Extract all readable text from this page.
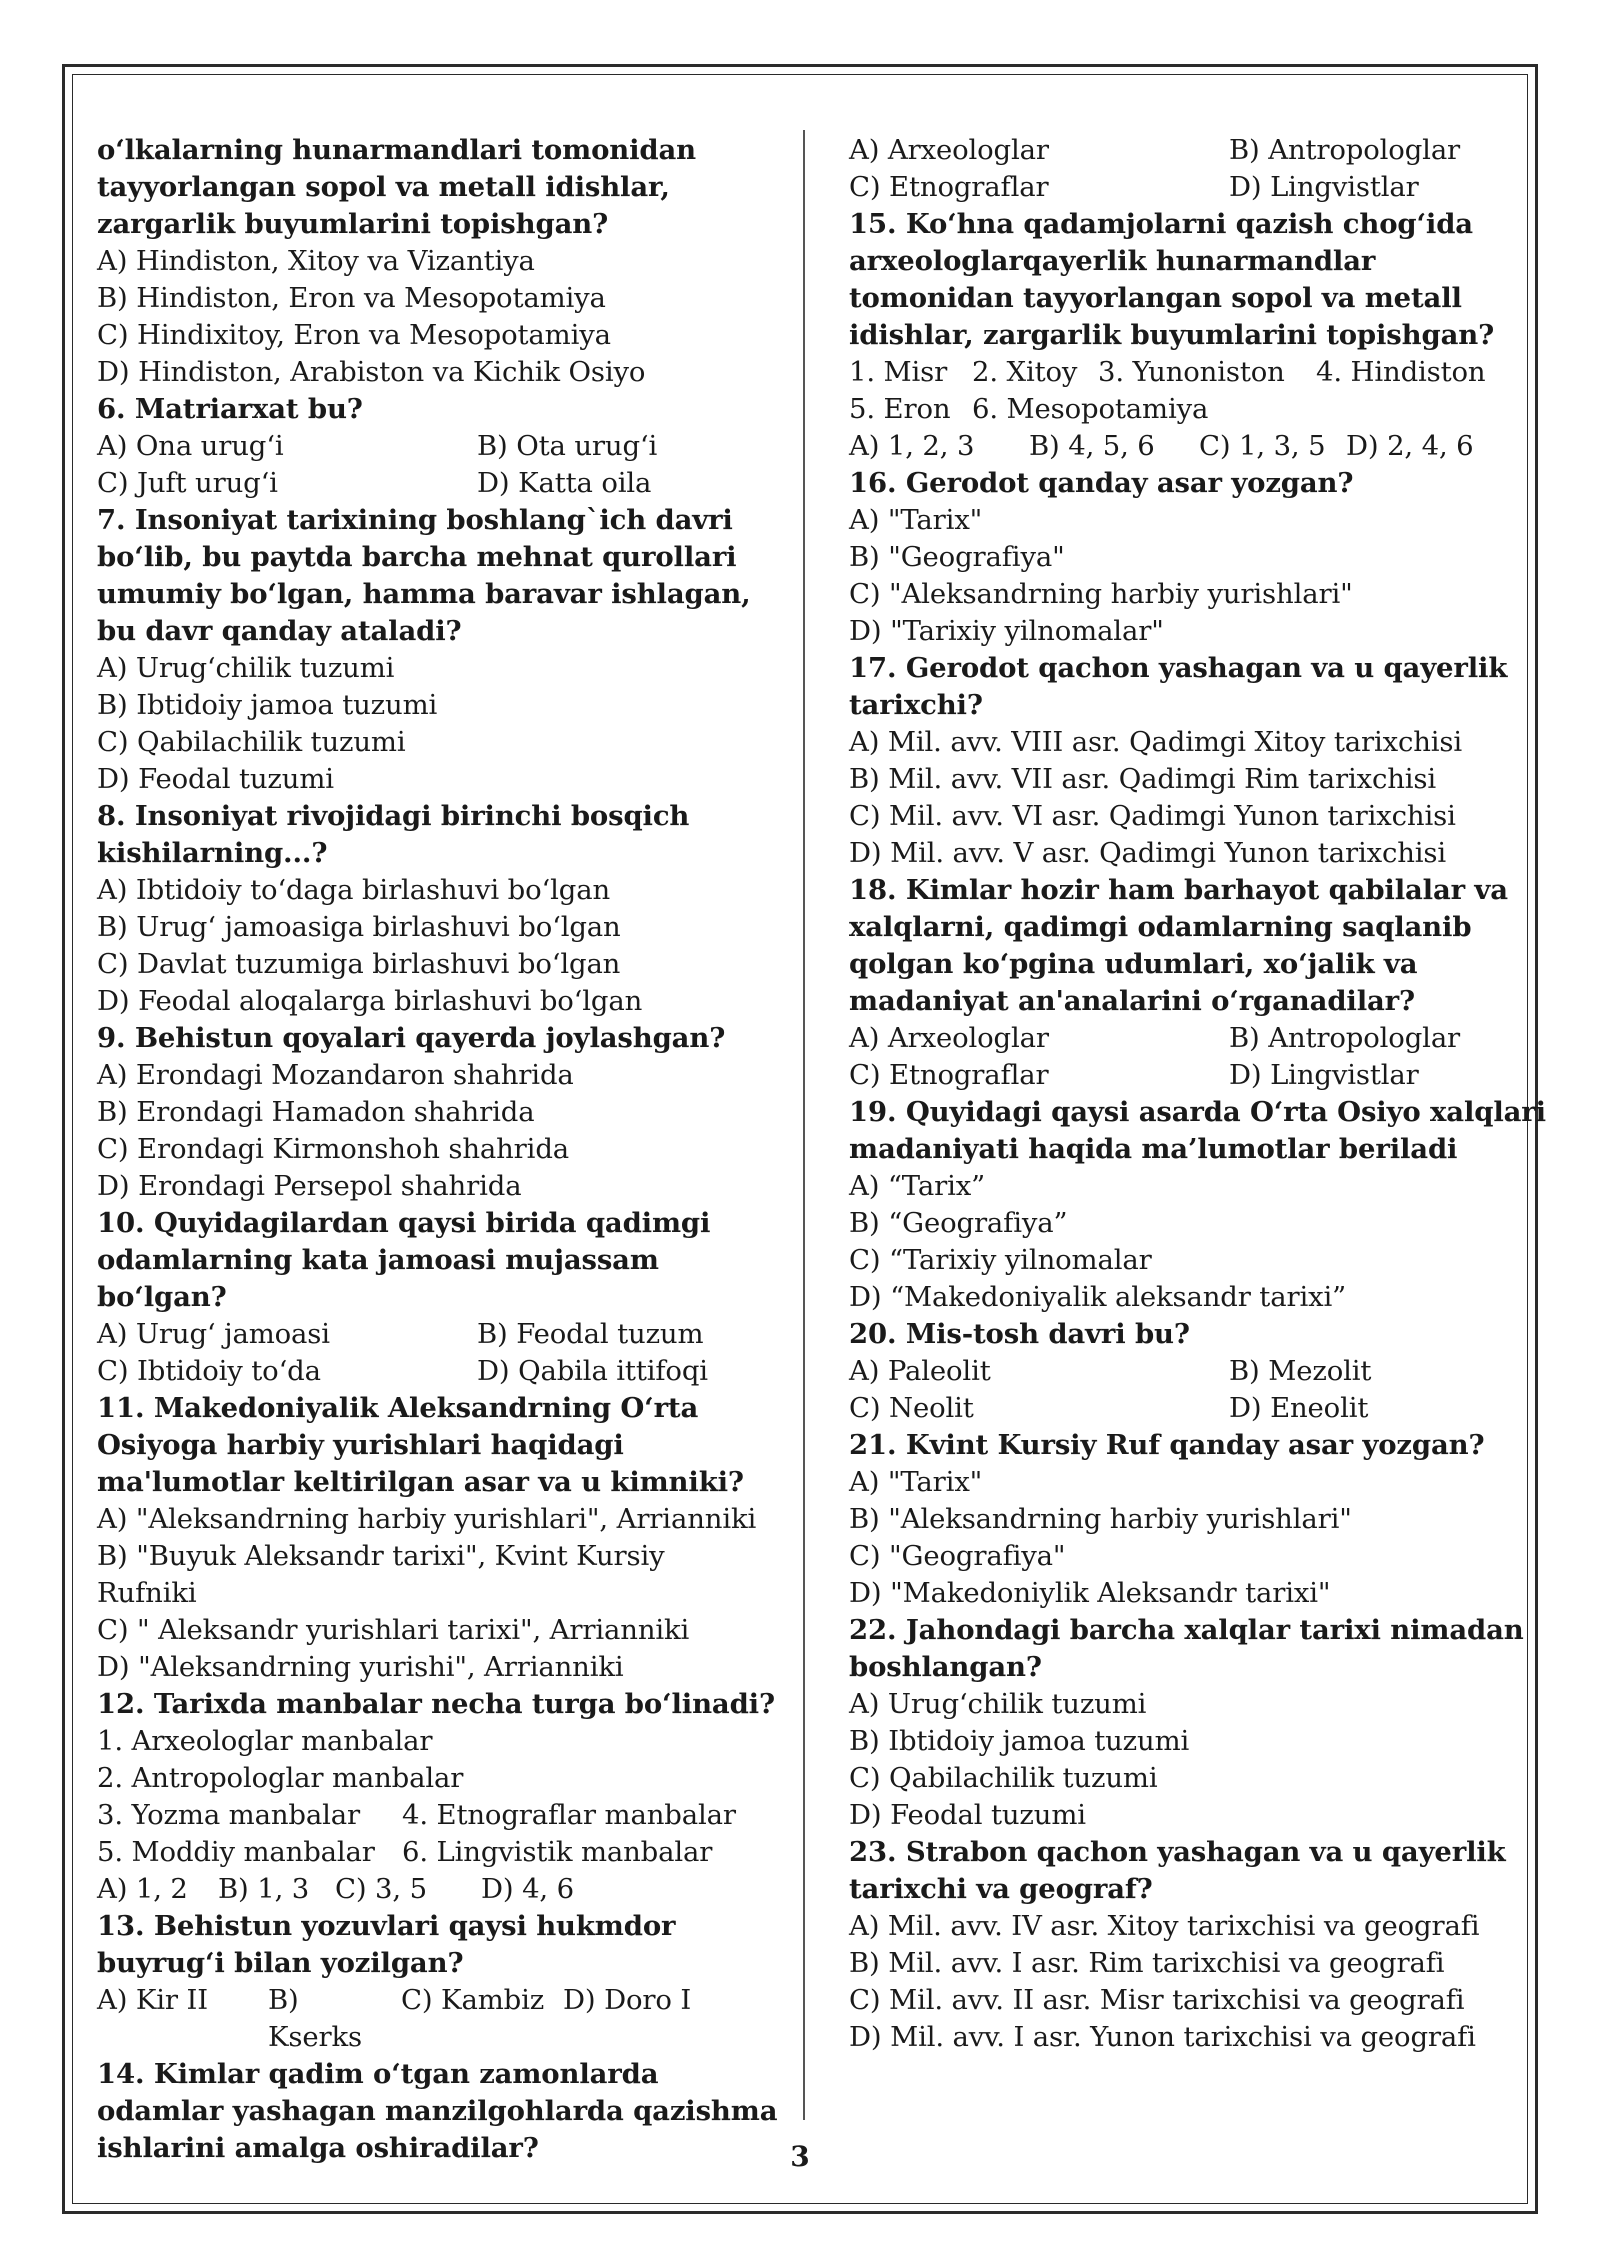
o‘lkalarning hunarmandlari tomonidan
tayyorlangan sopol va metall idishlar,
zargarlik buyumlarini topishgan?
A) Hindiston, Xitoy va Vizantiya
B) Hindiston, Eron va Mesopotamiya
C) Hindixitoy, Eron va Mesopotamiya
D) Hindiston, Arabiston va Kichik Osiyo
6. Matriarxat bu?
A) Ona urug‘i	B) Ota urug‘i
C) Juft urug‘i	D) Katta oila
7. Insoniyat tarixining boshlang`ich davri
bo‘lib, bu paytda barcha mehnat qurollari
umumiy bo‘lgan, hamma baravar ishlagan,
bu davr qanday ataladi?
A) Urug‘chilik tuzumi
B) Ibtidoiy jamoa tuzumi
C) Qabilachilik tuzumi
D) Feodal tuzumi
8. Insoniyat rivojidagi birinchi bosqich
kishilarning...?
A) Ibtidoiy to‘daga birlashuvi bo‘lgan
B) Urug‘ jamoasiga birlashuvi bo‘lgan
C) Davlat tuzumiga birlashuvi bo‘lgan
D) Feodal aloqalarga birlashuvi bo‘lgan
9. Behistun qoyalari qayerda joylashgan?
A) Erondagi Mozandaron shahrida
B) Erondagi Hamadon shahrida
C) Erondagi Kirmonshoh shahrida
D) Erondagi Persepol shahrida
10. Quyidagilardan qaysi birida qadimgi
odamlarning kata jamoasi mujassam
bo‘lgan?
A) Urug‘ jamoasi	B) Feodal tuzum
C) Ibtidoiy to‘da	D) Qabila ittifoqi
11. Makedoniyalik Aleksandrning O‘rta
Osiyoga harbiy yurishlari haqidagi
ma'lumotlar keltirilgan asar va u kimniki?
A) "Aleksandrning harbiy yurishlari", Arrianniki
B) "Buyuk Aleksandr tarixi", Kvint Kursiy
Rufniki
C) " Aleksandr yurishlari tarixi", Arrianniki
D) "Aleksandrning yurishi", Arrianniki
12. Tarixda manbalar necha turga bo‘linadi?
1. Arxeologlar manbalar
2. Antropologlar manbalar
3. Yozma manbalar	4. Etnograflar manbalar
5. Moddiy manbalar 6. Lingvistik manbalar
A) 1, 2	B) 1, 3 C) 3, 5	D) 4, 6
13. Behistun yozuvlari qaysi hukmdor
buyrug‘i bilan yozilgan?
A) Kir II	B) Kserks
C) Kambiz D) Doro I
14. Kimlar qadim o‘tgan zamonlarda
odamlar yashagan manzilgohlarda qazishma
ishlarini amalga oshiradilar?
A) Arxeologlar	B) Antropologlar
C) Etnograflar	D) Lingvistlar
15. Ko‘hna qadamjolarni qazish chog‘ida
arxeologlarqayerlik hunarmandlar
tomonidan tayyorlangan sopol va metall
idishlar, zargarlik buyumlarini topishgan?
1. Misr 2. Xitoy 3. Yunoniston	4. Hindiston
5. Eron 6. Mesopotamiya
A) 1, 2, 3	B) 4, 5, 6	C) 1, 3, 5 D) 2, 4, 6
16. Gerodot qanday asar yozgan?
A) "Tarix"
B) "Geografiya"
C) "Aleksandrning harbiy yurishlari"
D) "Tarixiy yilnomalar"
17. Gerodot qachon yashagan va u qayerlik
tarixchi?
A) Mil. avv. VIII asr. Qadimgi Xitoy tarixchisi
B) Mil. avv. VII asr. Qadimgi Rim tarixchisi
C) Mil. avv. VI asr. Qadimgi Yunon tarixchisi
D) Mil. avv. V asr. Qadimgi Yunon tarixchisi
18. Kimlar hozir ham barhayot qabilalar va
xalqlarni, qadimgi odamlarning saqlanib
qolgan ko‘pgina udumlari, xo‘jalik va
madaniyat an'analarini o‘rganadilar?
A) Arxeologlar	B) Antropologlar
C) Etnograflar	D) Lingvistlar
19. Quyidagi qaysi asarda O‘rta Osiyo xalqlari
madaniyati haqida ma’lumotlar beriladi
A) “Tarix”
B) “Geografiya”
C) “Tarixiy yilnomalar
D) “Makedoniyalik aleksandr tarixi”
20. Mis-tosh davri bu?
A) Paleolit	B) Mezolit
C) Neolit	D) Eneolit
21. Kvint Kursiy Ruf qanday asar yozgan?
A) "Tarix"
B) "Aleksandrning harbiy yurishlari"
C) "Geografiya"
D) "Makedoniylik Aleksandr tarixi"
22. Jahondagi barcha xalqlar tarixi nimadan
boshlangan?
A) Urug‘chilik tuzumi
B) Ibtidoiy jamoa tuzumi
C) Qabilachilik tuzumi
D) Feodal tuzumi
23. Strabon qachon yashagan va u qayerlik
tarixchi va geograf?
A) Mil. avv. IV asr. Xitoy tarixchisi va geografi
B) Mil. avv. I asr. Rim tarixchisi va geografi
C) Mil. avv. II asr. Misr tarixchisi va geografi
D) Mil. avv. I asr. Yunon tarixchisi va geografi
3
